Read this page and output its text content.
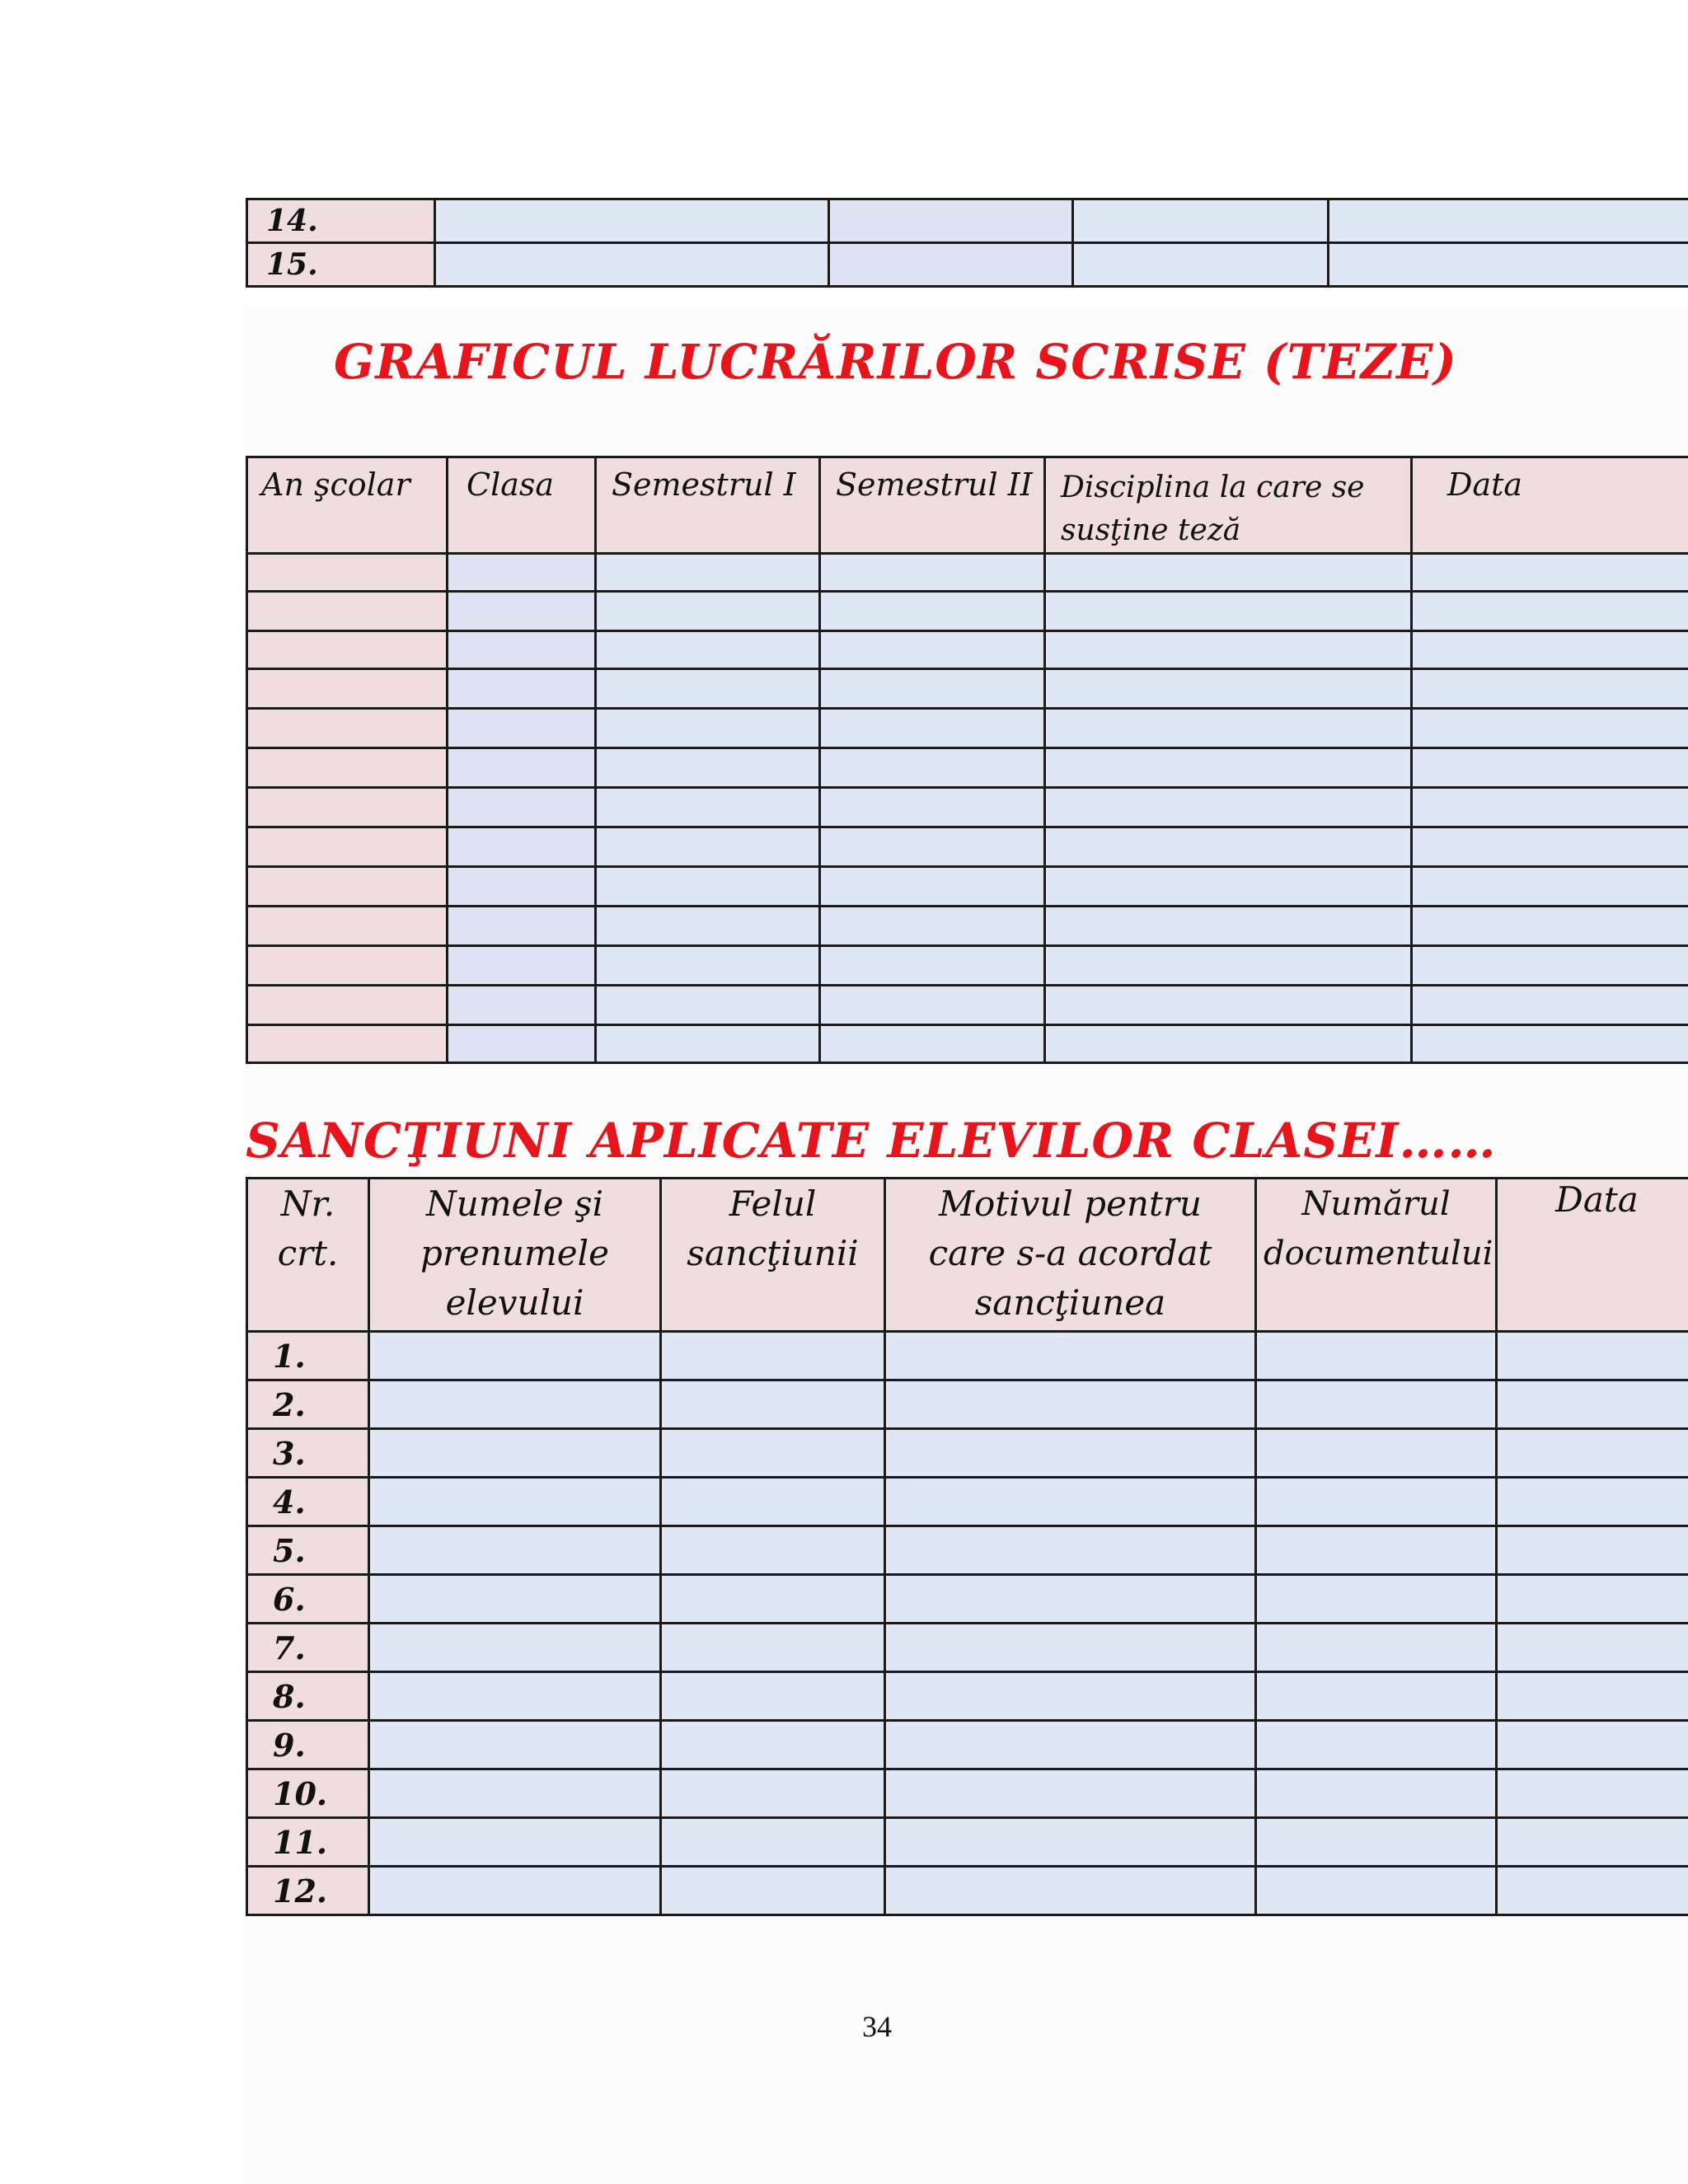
14.				
15.				
GRAFICUL LUCRĂRILOR SCRISE (TEZE)
An şcolar	Clasa	Semestrul I	Semestrul II	Disciplina la care se susţine teză	Data

SANCŢIUNI APLICATE ELEVILOR CLASEI……
Nr. crt.	Numele şi prenumele elevului	Felul sancţiunii	Motivul pentru care s-a acordat sancţiunea	Numărul documentului	Data
1.					
2.					
3.					
4.					
5.					
6.					
7.					
8.					
9.					
10.					
11.					
12.					
34
